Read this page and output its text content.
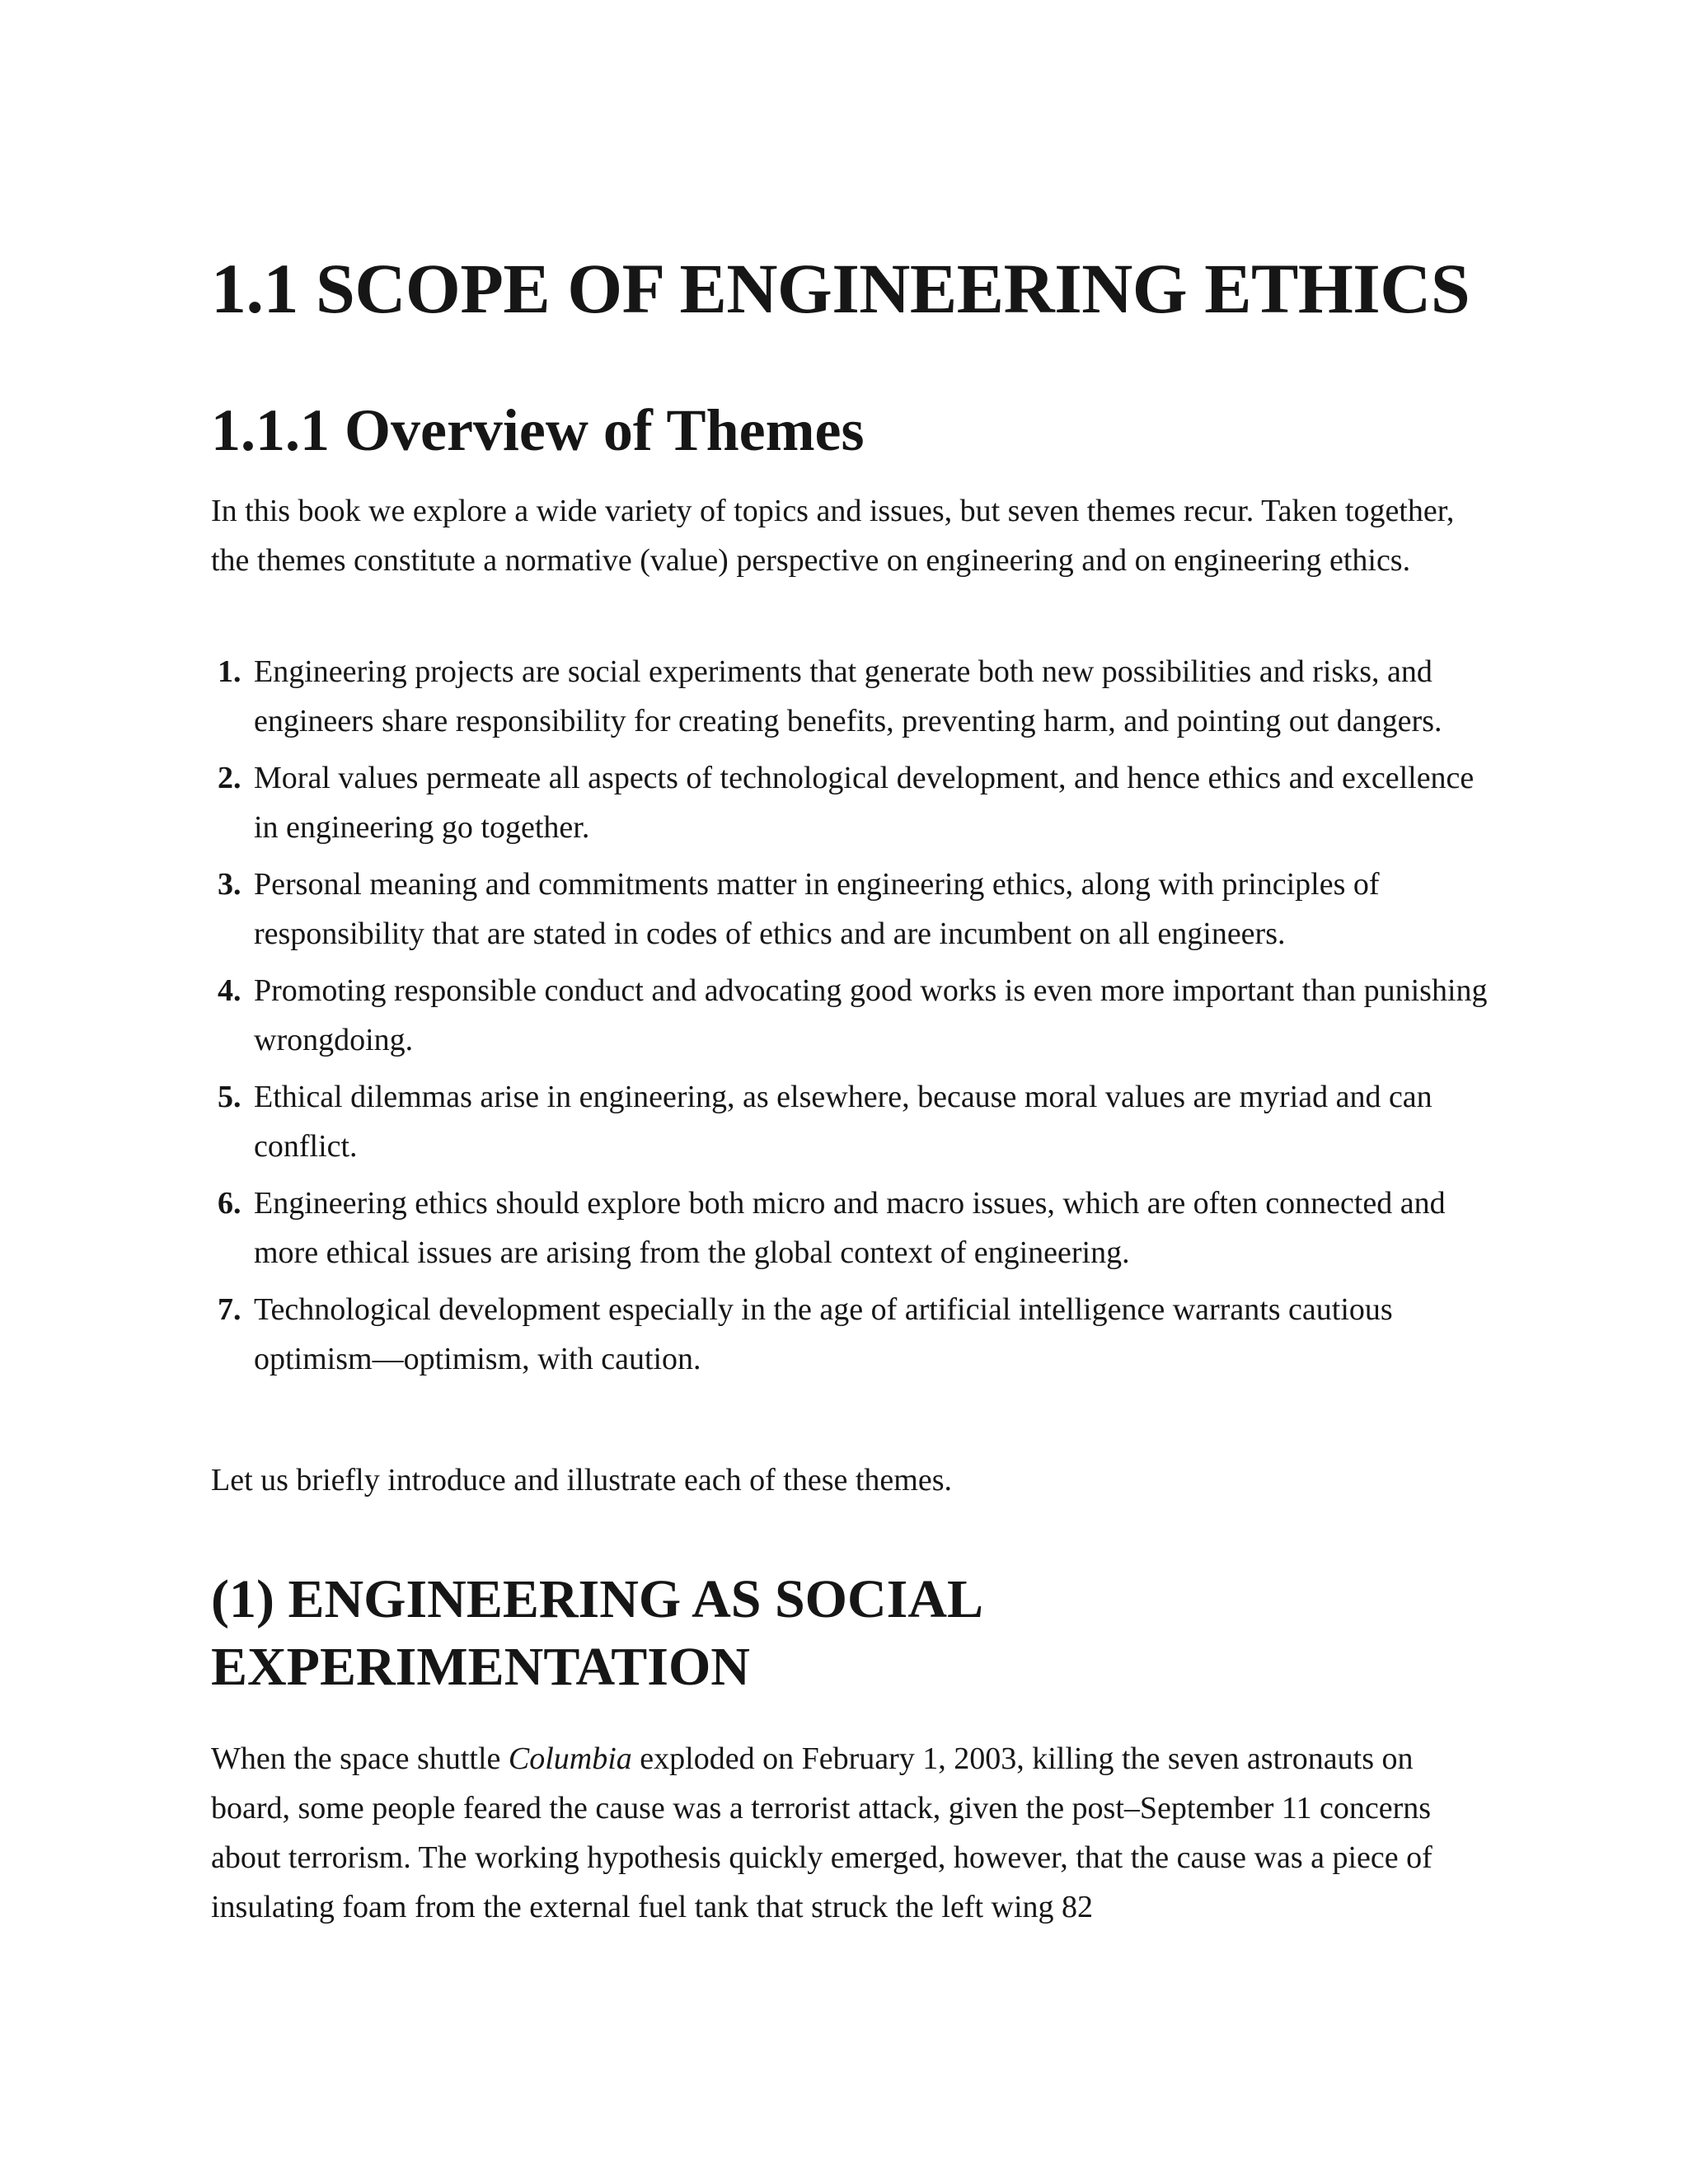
1.1 SCOPE OF ENGINEERING ETHICS
1.1.1 Overview of Themes

In this book we explore a wide variety of topics and issues, but seven themes recur. Taken together, the themes constitute a normative (value) perspective on engineering and on engineering ethics.

1. Engineering projects are social experiments that generate both new possibilities and risks, and engineers share responsibility for creating benefits, preventing harm, and pointing out dangers.
2. Moral values permeate all aspects of technological development, and hence ethics and excellence in engineering go together.
3. Personal meaning and commitments matter in engineering ethics, along with principles of responsibility that are stated in codes of ethics and are incumbent on all engineers.
4. Promoting responsible conduct and advocating good works is even more important than punishing wrongdoing.
5. Ethical dilemmas arise in engineering, as elsewhere, because moral values are myriad and can conflict.
6. Engineering ethics should explore both micro and macro issues, which are often connected and more ethical issues are arising from the global context of engineering.
7. Technological development especially in the age of artificial intelligence warrants cautious optimism—optimism, with caution.

Let us briefly introduce and illustrate each of these themes.

(1) ENGINEERING AS SOCIAL EXPERIMENTATION

When the space shuttle Columbia exploded on February 1, 2003, killing the seven astronauts on board, some people feared the cause was a terrorist attack, given the post–September 11 concerns about terrorism. The working hypothesis quickly emerged, however, that the cause was a piece of insulating foam from the external fuel tank that struck the left wing 82
